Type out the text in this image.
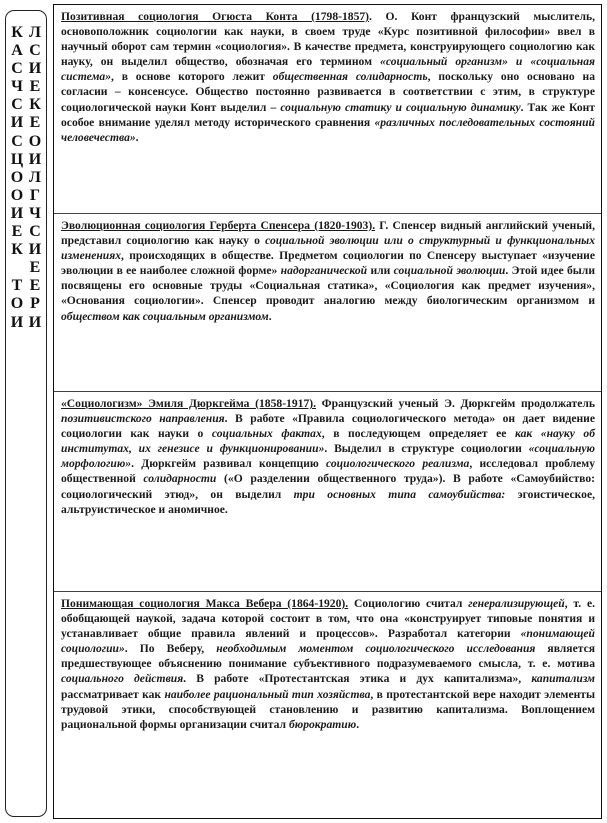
К Л
А С
С И
Ч Е
С К
И Е
С О
Ц И
О Л
О Г
И Ч
Е С
К И
Е
Т Е
О Р
И И
Позитивная социология Огюста Конта (1798-1857). О. Конт французский мыслитель, основоположник социологии как науки, в своем труде «Курс позитивной философии» ввел в научный оборот сам термин «социология». В качестве предмета, конструирующего социологию как науку, он выделил общество, обозначая его термином «социальный организм» и «социальная система», в основе которого лежит общественная солидарность, поскольку оно основано на согласии – консенсусе. Общество постоянно развивается в соответствии с этим, в структуре социологической науки Конт выделил – социальную статику и социальную динамику. Так же Конт особое внимание уделял методу исторического сравнения «различных последовательных состояний человечества».
Эволюционная социология Герберта Спенсера (1820-1903). Г. Спенсер видный английский ученый, представил социологию как науку о социальной эволюции или о структурный и функциональных изменениях, происходящих в обществе. Предметом социологии по Спенсеру выступает «изучение эволюции в ее наиболее сложной форме» надорганической или социальной эволюции. Этой идее были посвящены его основные труды «Социальная статика», «Социология как предмет изучения», «Основания социологии». Спенсер проводит аналогию между биологическим организмом и обществом как социальным организмом.
«Социологизм» Эмиля Дюркгейма (1858-1917). Французский ученый Э. Дюркгейм продолжатель позитивистского направления. В работе «Правила социологического метода» он дает видение социологии как науки о социальных фактах, в последующем определяет ее как «науку об институтах, их генезисе и функционировании». Выделил в структуре социологии «социальную морфологию». Дюркгейм развивал концепцию социологического реализма, исследовал проблему общественной солидарности («О разделении общественного труда»). В работе «Самоубийство: социологический этюд», он выделил три основных типа самоубийства: эгоистическое, альтруистическое и аномичное.
Понимающая социология Макса Вебера (1864-1920). Социологию считал генерализирующей, т. е. обобщающей наукой, задача которой состоит в том, что она «конструирует типовые понятия и устанавливает общие правила явлений и процессов». Разработал категории «понимающей социологии». По Веберу, необходимым моментом социологического исследования является предшествующее объяснению понимание субъективного подразумеваемого смысла, т. е. мотива социального действия. В работе «Протестантская этика и дух капитализма», капитализм рассматривает как наиболее рациональный тип хозяйства, в протестантской вере находит элементы трудовой этики, способствующей становлению и развитию капитализма. Воплощением рациональной формы организации считал бюрократию.
